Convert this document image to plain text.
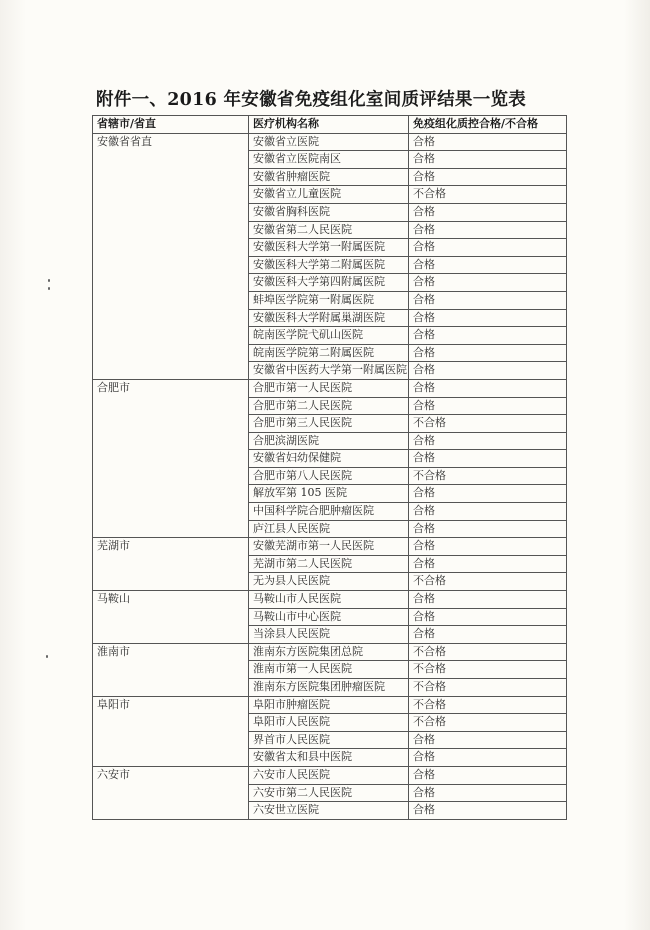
附件一、2016 年安徽省免疫组化室间质评结果一览表
省辖市/省直	医疗机构名称	免疫组化质控合格/不合格
安徽省省直	安徽省立医院	合格
	安徽省立医院南区	合格
	安徽省肿瘤医院	合格
	安徽省立儿童医院	不合格
	安徽省胸科医院	合格
	安徽省第二人民医院	合格
	安徽医科大学第一附属医院	合格
	安徽医科大学第二附属医院	合格
	安徽医科大学第四附属医院	合格
	蚌埠医学院第一附属医院	合格
	安徽医科大学附属巢湖医院	合格
	皖南医学院弋矶山医院	合格
	皖南医学院第二附属医院	合格
	安徽省中医药大学第一附属医院	合格
合肥市	合肥市第一人民医院	合格
	合肥市第二人民医院	合格
	合肥市第三人民医院	不合格
	合肥滨湖医院	合格
	安徽省妇幼保健院	合格
	合肥市第八人民医院	不合格
	解放军第 105 医院	合格
	中国科学院合肥肿瘤医院	合格
	庐江县人民医院	合格
芜湖市	安徽芜湖市第一人民医院	合格
	芜湖市第二人民医院	合格
	无为县人民医院	不合格
马鞍山	马鞍山市人民医院	合格
	马鞍山市中心医院	合格
	当涂县人民医院	合格
淮南市	淮南东方医院集团总院	不合格
	淮南市第一人民医院	不合格
	淮南东方医院集团肿瘤医院	不合格
阜阳市	阜阳市肿瘤医院	不合格
	阜阳市人民医院	不合格
	界首市人民医院	合格
	安徽省太和县中医院	合格
六安市	六安市人民医院	合格
	六安市第二人民医院	合格
	六安世立医院	合格
